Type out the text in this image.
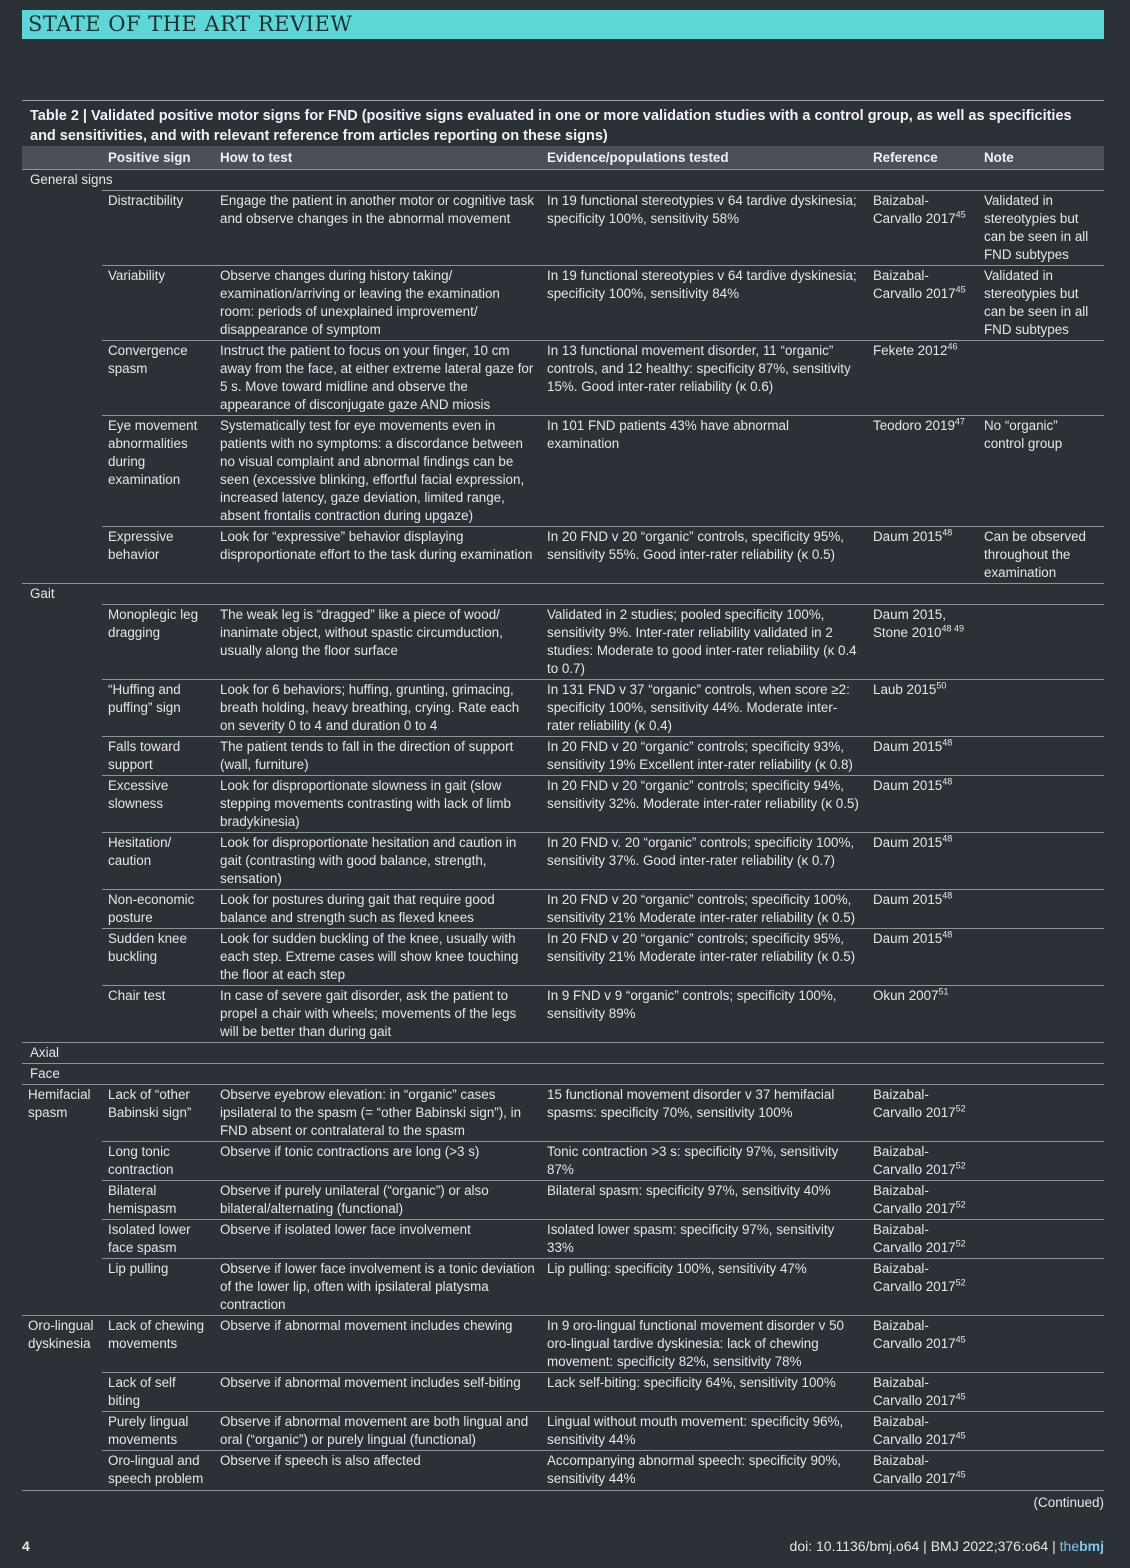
STATE OF THE ART REVIEW
Table 2 | Validated positive motor signs for FND (positive signs evaluated in one or more validation studies with a control group, as well as specificities and sensitivities, and with relevant reference from articles reporting on these signs)
	Positive sign	How to test	Evidence/populations tested	Reference	Note
General signs					
	Distractibility	Engage the patient in another motor or cognitive task and observe changes in the abnormal movement	In 19 functional stereotypies v 64 tardive dyskinesia; specificity 100%, sensitivity 58%	Baizabal-Carvallo 2017$^{45}$	Validated in stereotypies but can be seen in all FND subtypes
	Variability	Observe changes during history taking/ examination/arriving or leaving the examination room: periods of unexplained improvement/ disappearance of symptom	In 19 functional stereotypies v 64 tardive dyskinesia; specificity 100%, sensitivity 84%	Baizabal-Carvallo 2017$^{45}$	Validated in stereotypies but can be seen in all FND subtypes
	Convergence spasm	Instruct the patient to focus on your finger, 10 cm away from the face, at either extreme lateral gaze for 5 s. Move toward midline and observe the appearance of disconjugate gaze AND miosis	In 13 functional movement disorder, 11 “organic” controls, and 12 healthy: specificity 87%, sensitivity 15%. Good inter-rater reliability (κ 0.6)	Fekete 2012$^{46}$	
	Eye movement abnormalities during examination	Systematically test for eye movements even in patients with no symptoms: a discordance between no visual complaint and abnormal findings can be seen (excessive blinking, effortful facial expression, increased latency, gaze deviation, limited range, absent frontalis contraction during upgaze)	In 101 FND patients 43% have abnormal examination	Teodoro 2019$^{47}$	No “organic” control group
	Expressive behavior	Look for “expressive” behavior displaying disproportionate effort to the task during examination	In 20 FND v 20 “organic” controls, specificity 95%, sensitivity 55%. Good inter-rater reliability (κ 0.5)	Daum 2015$^{48}$	Can be observed throughout the examination
Gait					
	Monoplegic leg dragging	The weak leg is “dragged” like a piece of wood/ inanimate object, without spastic circumduction, usually along the floor surface	Validated in 2 studies; pooled specificity 100%, sensitivity 9%. Inter-rater reliability validated in 2 studies: Moderate to good inter-rater reliability (κ 0.4 to 0.7)	Daum 2015, Stone $2010^{48 49}$	
	“Huffing and puffing” sign	Look for 6 behaviors; huffing, grunting, grimacing, breath holding, heavy breathing, crying. Rate each on severity 0 to 4 and duration 0 to 4	In 131 FND v 37 “organic” controls, when score ≥2: specificity 100%, sensitivity 44%. Moderate inter-rater reliability (κ 0.4)	Laub 2015$^{50}$	
	Falls toward support	The patient tends to fall in the direction of support (wall, furniture)	In 20 FND v 20 “organic” controls; specificity 93%, sensitivity 19% Excellent inter-rater reliability (κ 0.8)	Daum 2015$^{48}$	
	Excessive slowness	Look for disproportionate slowness in gait (slow stepping movements contrasting with lack of limb bradykinesia)	In 20 FND v 20 “organic” controls; specificity 94%, sensitivity 32%. Moderate inter-rater reliability (κ 0.5)	Daum 2015$^{48}$	
	Hesitation/ caution	Look for disproportionate hesitation and caution in gait (contrasting with good balance, strength, sensation)	In 20 FND v. 20 “organic” controls; specificity 100%, sensitivity 37%. Good inter-rater reliability (κ 0.7)	Daum 2015$^{48}$	
	Non-economic posture	Look for postures during gait that require good balance and strength such as flexed knees	In 20 FND v 20 “organic” controls; specificity 100%, sensitivity 21% Moderate inter-rater reliability (κ 0.5)	Daum 2015$^{48}$	
	Sudden knee buckling	Look for sudden buckling of the knee, usually with each step. Extreme cases will show knee touching the floor at each step	In 20 FND v 20 “organic” controls; specificity 95%, sensitivity 21% Moderate inter-rater reliability (κ 0.5)	Daum 2015$^{48}$	
	Chair test	In case of severe gait disorder, ask the patient to propel a chair with wheels; movements of the legs will be better than during gait	In 9 FND v 9 “organic” controls; specificity 100%, sensitivity 89%	Okun 2007$^{51}$	
Axial					
Face					
Hemifacial spasm	Lack of “other Babinski sign”	Observe eyebrow elevation: in “organic” cases ipsilateral to the spasm (= “other Babinski sign”), in FND absent or contralateral to the spasm	15 functional movement disorder v 37 hemifacial spasms: specificity 70%, sensitivity 100%	Baizabal-Carvallo 2017$^{52}$	
	Long tonic contraction	Observe if tonic contractions are long (>3 s)	Tonic contraction >3 s: specificity 97%, sensitivity 87%	Baizabal-Carvallo 2017$^{52}$	
	Bilateral hemispasm	Observe if purely unilateral (“organic”) or also bilateral/alternating (functional)	Bilateral spasm: specificity 97%, sensitivity 40%	Baizabal-Carvallo 2017$^{52}$	
	Isolated lower face spasm	Observe if isolated lower face involvement	Isolated lower spasm: specificity 97%, sensitivity 33%	Baizabal-Carvallo 2017$^{52}$	
	Lip pulling	Observe if lower face involvement is a tonic deviation of the lower lip, often with ipsilateral platysma contraction	Lip pulling: specificity 100%, sensitivity 47%	Baizabal-Carvallo 2017$^{52}$	
Oro-lingual dyskinesia	Lack of chewing movements	Observe if abnormal movement includes chewing	In 9 oro-lingual functional movement disorder v 50 oro-lingual tardive dyskinesia: lack of chewing movement: specificity 82%, sensitivity 78%	Baizabal-Carvallo 2017$^{45}$	
	Lack of self biting	Observe if abnormal movement includes self-biting	Lack self-biting: specificity 64%, sensitivity 100%	Baizabal-Carvallo 2017$^{45}$	
	Purely lingual movements	Observe if abnormal movement are both lingual and oral (“organic”) or purely lingual (functional)	Lingual without mouth movement: specificity 96%, sensitivity 44%	Baizabal-Carvallo 2017$^{45}$	
	Oro-lingual and speech problem	Observe if speech is also affected	Accompanying abnormal speech: specificity 90%, sensitivity 44%	Baizabal-Carvallo 2017$^{45}$	
(Continued)
4	doi: 10.1136/bmj.o64 | BMJ 2022;376:o64 | thebmj
